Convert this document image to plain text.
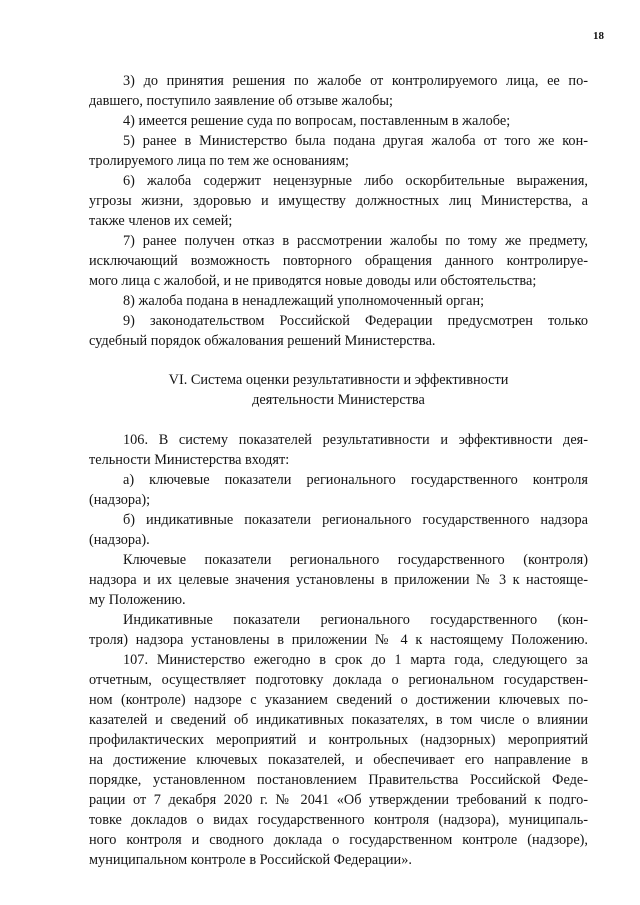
18
3) до принятия решения по жалобе от контролируемого лица, ее по-
давшего, поступило заявление об отзыве жалобы;
4) имеется решение суда по вопросам, поставленным в жалобе;
5) ранее в Министерство была подана другая жалоба от того же кон-
тролируемого лица по тем же основаниям;
6) жалоба содержит нецензурные либо оскорбительные выражения,
угрозы жизни, здоровью и имуществу должностных лиц Министерства, а
также членов их семей;
7) ранее получен отказ в рассмотрении жалобы по тому же предмету,
исключающий возможность повторного обращения данного контролируе-
мого лица с жалобой, и не приводятся новые доводы или обстоятельства;
8) жалоба подана в ненадлежащий уполномоченный орган;
9) законодательством Российской Федерации предусмотрен только
судебный порядок обжалования решений Министерства.
VI. Система оценки результативности и эффективности
деятельности Министерства
106. В систему показателей результативности и эффективности дея-
тельности Министерства входят:
а) ключевые показатели регионального государственного контроля
(надзора);
б) индикативные показатели регионального государственного надзора
(надзора).
Ключевые показатели регионального государственного (контроля)
надзора и их целевые значения установлены в приложении № 3 к настояще-
му Положению.
Индикативные показатели регионального государственного (кон-
троля) надзора установлены в приложении № 4 к настоящему Положению.
107. Министерство ежегодно в срок до 1 марта года, следующего за
отчетным, осуществляет подготовку доклада о региональном государствен-
ном (контроле) надзоре с указанием сведений о достижении ключевых по-
казателей и сведений об индикативных показателях, в том числе о влиянии
профилактических мероприятий и контрольных (надзорных) мероприятий
на достижение ключевых показателей, и обеспечивает его направление в
порядке, установленном постановлением Правительства Российской Феде-
рации от 7 декабря 2020 г. № 2041 «Об утверждении требований к подго-
товке докладов о видах государственного контроля (надзора), муниципаль-
ного контроля и сводного доклада о государственном контроле (надзоре),
муниципальном контроле в Российской Федерации».
